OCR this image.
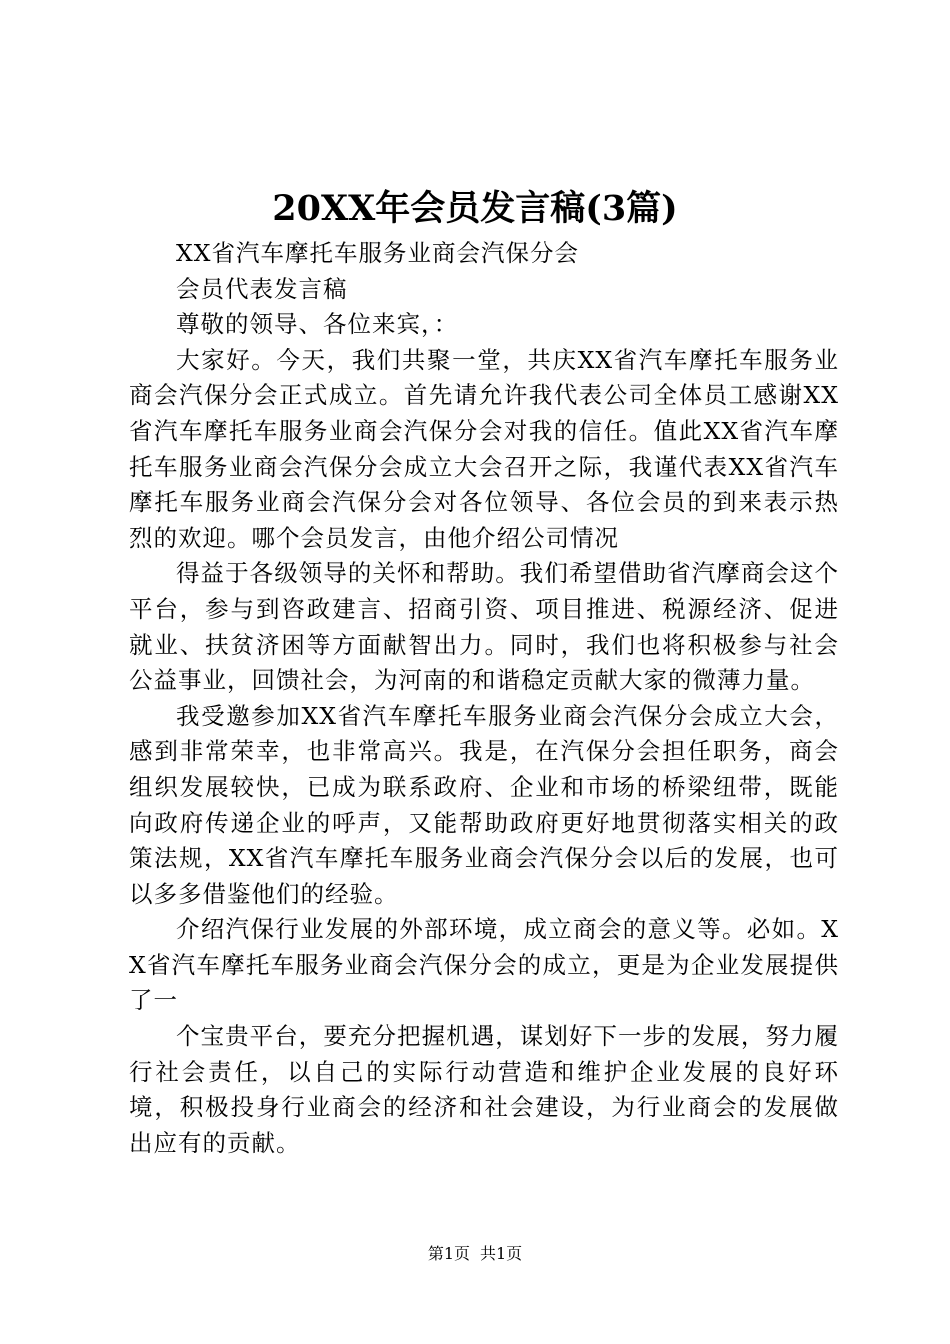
20XX年会员发言稿(3篇)

XX省汽车摩托车服务业商会汽保分会

会员代表发言稿

尊敬的领导、各位来宾，：

大家好。今天，我们共聚一堂，共庆XX省汽车摩托车服务业商会汽保分会正式成立。首先请允许我代表公司全体员工感谢XX省汽车摩托车服务业商会汽保分会对我的信任。值此XX省汽车摩托车服务业商会汽保分会成立大会召开之际，我谨代表XX省汽车摩托车服务业商会汽保分会对各位领导、各位会员的到来表示热烈的欢迎。哪个会员发言，由他介绍公司情况

得益于各级领导的关怀和帮助。我们希望借助省汽摩商会这个平台，参与到咨政建言、招商引资、项目推进、税源经济、促进就业、扶贫济困等方面献智出力。同时，我们也将积极参与社会公益事业，回馈社会，为河南的和谐稳定贡献大家的微薄力量。

我受邀参加XX省汽车摩托车服务业商会汽保分会成立大会，感到非常荣幸，也非常高兴。我是，在汽保分会担任职务，商会组织发展较快，已成为联系政府、企业和市场的桥梁纽带，既能向政府传递企业的呼声，又能帮助政府更好地贯彻落实相关的政策法规，XX省汽车摩托车服务业商会汽保分会以后的发展，也可以多多借鉴他们的经验。

介绍汽保行业发展的外部环境，成立商会的意义等。必如。XX省汽车摩托车服务业商会汽保分会的成立，更是为企业发展提供了一

个宝贵平台，要充分把握机遇，谋划好下一步的发展，努力履行社会责任，以自己的实际行动营造和维护企业发展的良好环境，积极投身行业商会的经济和社会建设，为行业商会的发展做出应有的贡献。

第1页 共1页
